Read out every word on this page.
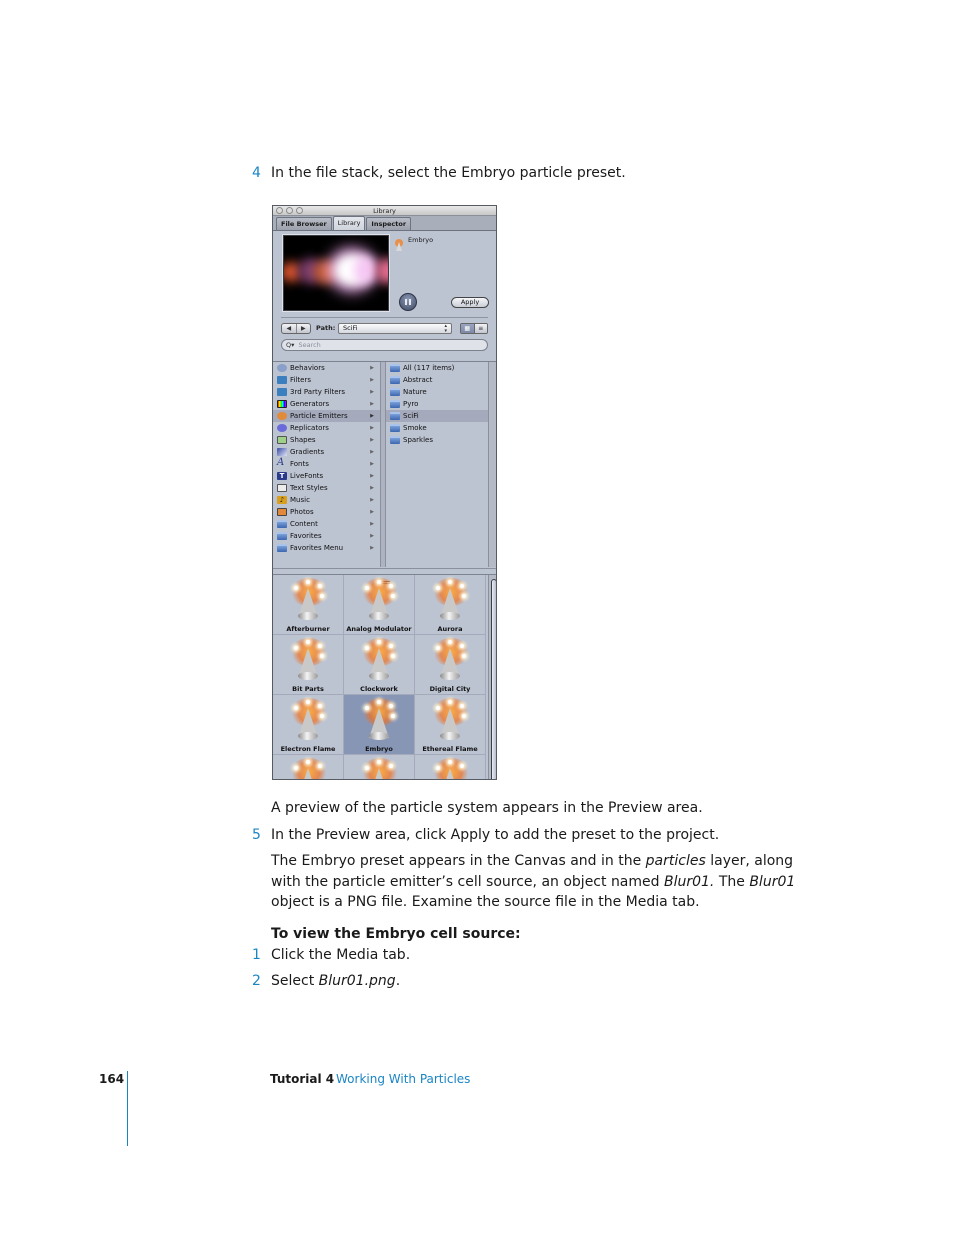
4 In the file stack, select the Embryo particle preset.
Library
File Browser	Library	Inspector
Embryo
Apply
◀	▶	Path:	SciFi	▴
▾	▦	≡
Q▾ Search
Behaviors	▶
Filters	▶
3rd Party Filters	▶
Generators	▶
Particle Emitters	▶
Replicators	▶
Shapes	▶
Gradients	▶
A Fonts	▶
T LiveFonts	▶
Text Styles	▶
♪ Music	▶
Photos	▶
Content	▶
Favorites	▶
Favorites Menu	▶
All (117 items)
Abstract
Nature
Pyro
SciFi
Smoke
Sparkles
Afterburner	Analog Modulator	Aurora
Bit Parts	Clockwork	Digital City
Electron Flame	Embryo	Ethereal Flame
A preview of the particle system appears in the Preview area.
5 In the Preview area, click Apply to add the preset to the project.
The Embryo preset appears in the Canvas and in the particles layer, along with the particle emitter’s cell source, an object named Blur01. The Blur01 object is a PNG file. Examine the source file in the Media tab.
To view the Embryo cell source:
1 Click the Media tab.
2 Select Blur01.png.
164	Tutorial 4 Working With Particles
